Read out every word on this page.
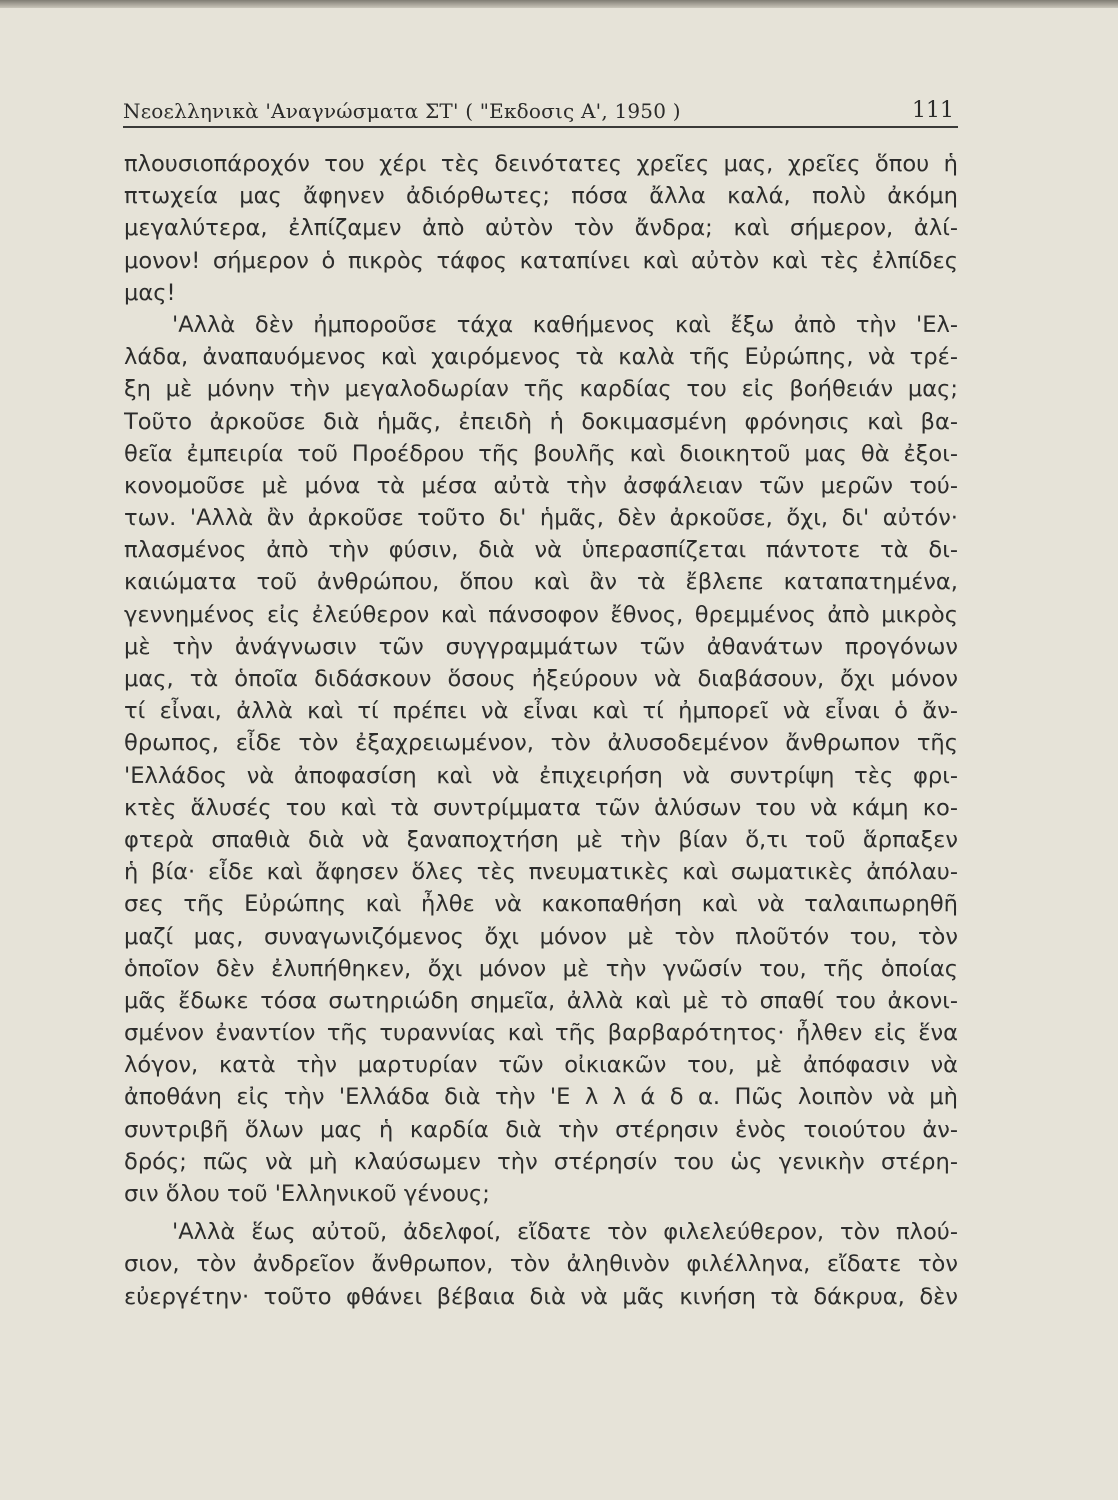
Νεοελληνικὰ 'Αναγνώσματα ΣΤ' ( "Εκδοσις Α', 1950 )	111
πλουσιοπάροχόν του χέρι τὲς δεινότατες χρεῖες μας, χρεῖες ὅπου ἡ
πτωχεία μας ἄφηνεν ἀδιόρθωτες; πόσα ἄλλα καλά, πολὺ ἀκόμη
μεγαλύτερα, ἐλπίζαμεν ἀπὸ αὐτὸν τὸν ἄνδρα; καὶ σήμερον, ἀλί-
μονον! σήμερον ὁ πικρὸς τάφος καταπίνει καὶ αὐτὸν καὶ τὲς ἐλπίδες
μας!
'Αλλὰ δὲν ἠμποροῦσε τάχα καθήμενος καὶ ἔξω ἀπὸ τὴν 'Ελ-
λάδα, ἀναπαυόμενος καὶ χαιρόμενος τὰ καλὰ τῆς Εὐρώπης, νὰ τρέ-
ξη μὲ μόνην τὴν μεγαλοδωρίαν τῆς καρδίας του εἰς βοήθειάν μας;
Τοῦτο ἀρκοῦσε διὰ ἡμᾶς, ἐπειδὴ ἡ δοκιμασμένη φρόνησις καὶ βα-
θεῖα ἐμπειρία τοῦ Προέδρου τῆς βουλῆς καὶ διοικητοῦ μας θὰ ἐξοι-
κονομοῦσε μὲ μόνα τὰ μέσα αὐτὰ τὴν ἀσφάλειαν τῶν μερῶν τού-
των. 'Αλλὰ ἂν ἀρκοῦσε τοῦτο δι' ἡμᾶς, δὲν ἀρκοῦσε, ὄχι, δι' αὐτόν·
πλασμένος ἀπὸ τὴν φύσιν, διὰ νὰ ὑπερασπίζεται πάντοτε τὰ δι-
καιώματα τοῦ ἀνθρώπου, ὅπου καὶ ἂν τὰ ἔβλεπε καταπατημένα,
γεννημένος εἰς ἐλεύθερον καὶ πάνσοφον ἔθνος, θρεμμένος ἀπὸ μικρὸς
μὲ τὴν ἀνάγνωσιν τῶν συγγραμμάτων τῶν ἀθανάτων προγόνων
μας, τὰ ὁποῖα διδάσκουν ὅσους ἠξεύρουν νὰ διαβάσουν, ὄχι μόνον
τί εἶναι, ἀλλὰ καὶ τί πρέπει νὰ εἶναι καὶ τί ἠμπορεῖ νὰ εἶναι ὁ ἄν-
θρωπος, εἶδε τὸν ἐξαχρειωμένον, τὸν ἀλυσοδεμένον ἄνθρωπον τῆς
'Ελλάδος νὰ ἀποφασίση καὶ νὰ ἐπιχειρήση νὰ συντρίψη τὲς φρι-
κτὲς ἅλυσές του καὶ τὰ συντρίμματα τῶν ἁλύσων του νὰ κάμη κο-
φτερὰ σπαθιὰ διὰ νὰ ξαναποχτήση μὲ τὴν βίαν ὅ,τι τοῦ ἅρπαξεν
ἡ βία· εἶδε καὶ ἄφησεν ὅλες τὲς πνευματικὲς καὶ σωματικὲς ἀπόλαυ-
σες τῆς Εὐρώπης καὶ ἦλθε νὰ κακοπαθήση καὶ νὰ ταλαιπωρηθῆ
μαζί μας, συναγωνιζόμενος ὄχι μόνον μὲ τὸν πλοῦτόν του, τὸν
ὁποῖον δὲν ἐλυπήθηκεν, ὄχι μόνον μὲ τὴν γνῶσίν του, τῆς ὁποίας
μᾶς ἔδωκε τόσα σωτηριώδη σημεῖα, ἀλλὰ καὶ μὲ τὸ σπαθί του ἀκονι-
σμένον ἐναντίον τῆς τυραννίας καὶ τῆς βαρβαρότητος· ἦλθεν εἰς ἕνα
λόγον, κατὰ τὴν μαρτυρίαν τῶν οἰκιακῶν του, μὲ ἀπόφασιν νὰ
ἀποθάνη εἰς τὴν 'Ελλάδα διὰ τὴν 'Ε λ λ ά δ α. Πῶς λοιπὸν νὰ μὴ
συντριβῆ ὅλων μας ἡ καρδία διὰ τὴν στέρησιν ἑνὸς τοιούτου ἀν-
δρός; πῶς νὰ μὴ κλαύσωμεν τὴν στέρησίν του ὡς γενικὴν στέρη-
σιν ὅλου τοῦ 'Ελληνικοῦ γένους;
'Αλλὰ ἕως αὐτοῦ, ἀδελφοί, εἴδατε τὸν φιλελεύθερον, τὸν πλού-
σιον, τὸν ἀνδρεῖον ἄνθρωπον, τὸν ἀληθινὸν φιλέλληνα, εἴδατε τὸν
εὐεργέτην· τοῦτο φθάνει βέβαια διὰ νὰ μᾶς κινήση τὰ δάκρυα, δὲν
